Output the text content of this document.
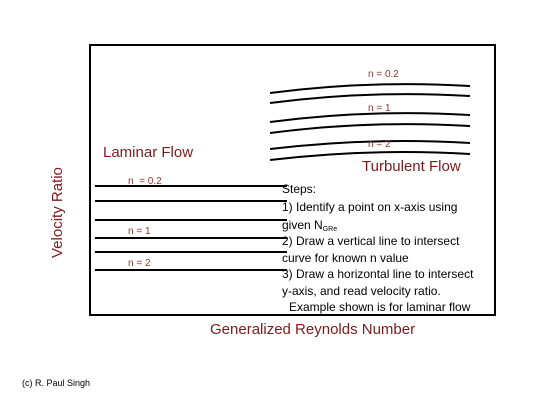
n = 0.2
n = 1
n = 2
Turbulent Flow
Laminar Flow
n  = 0.2
n = 1
n = 2
Steps:
1) Identify a point on x-axis using
given NGRe
2) Draw a vertical line to intersect
curve for known n value
3) Draw a horizontal line to intersect
y-axis, and read velocity ratio.
Example shown is for laminar flow
Generalized Reynolds Number
Velocity Ratio
(c) R. Paul Singh
